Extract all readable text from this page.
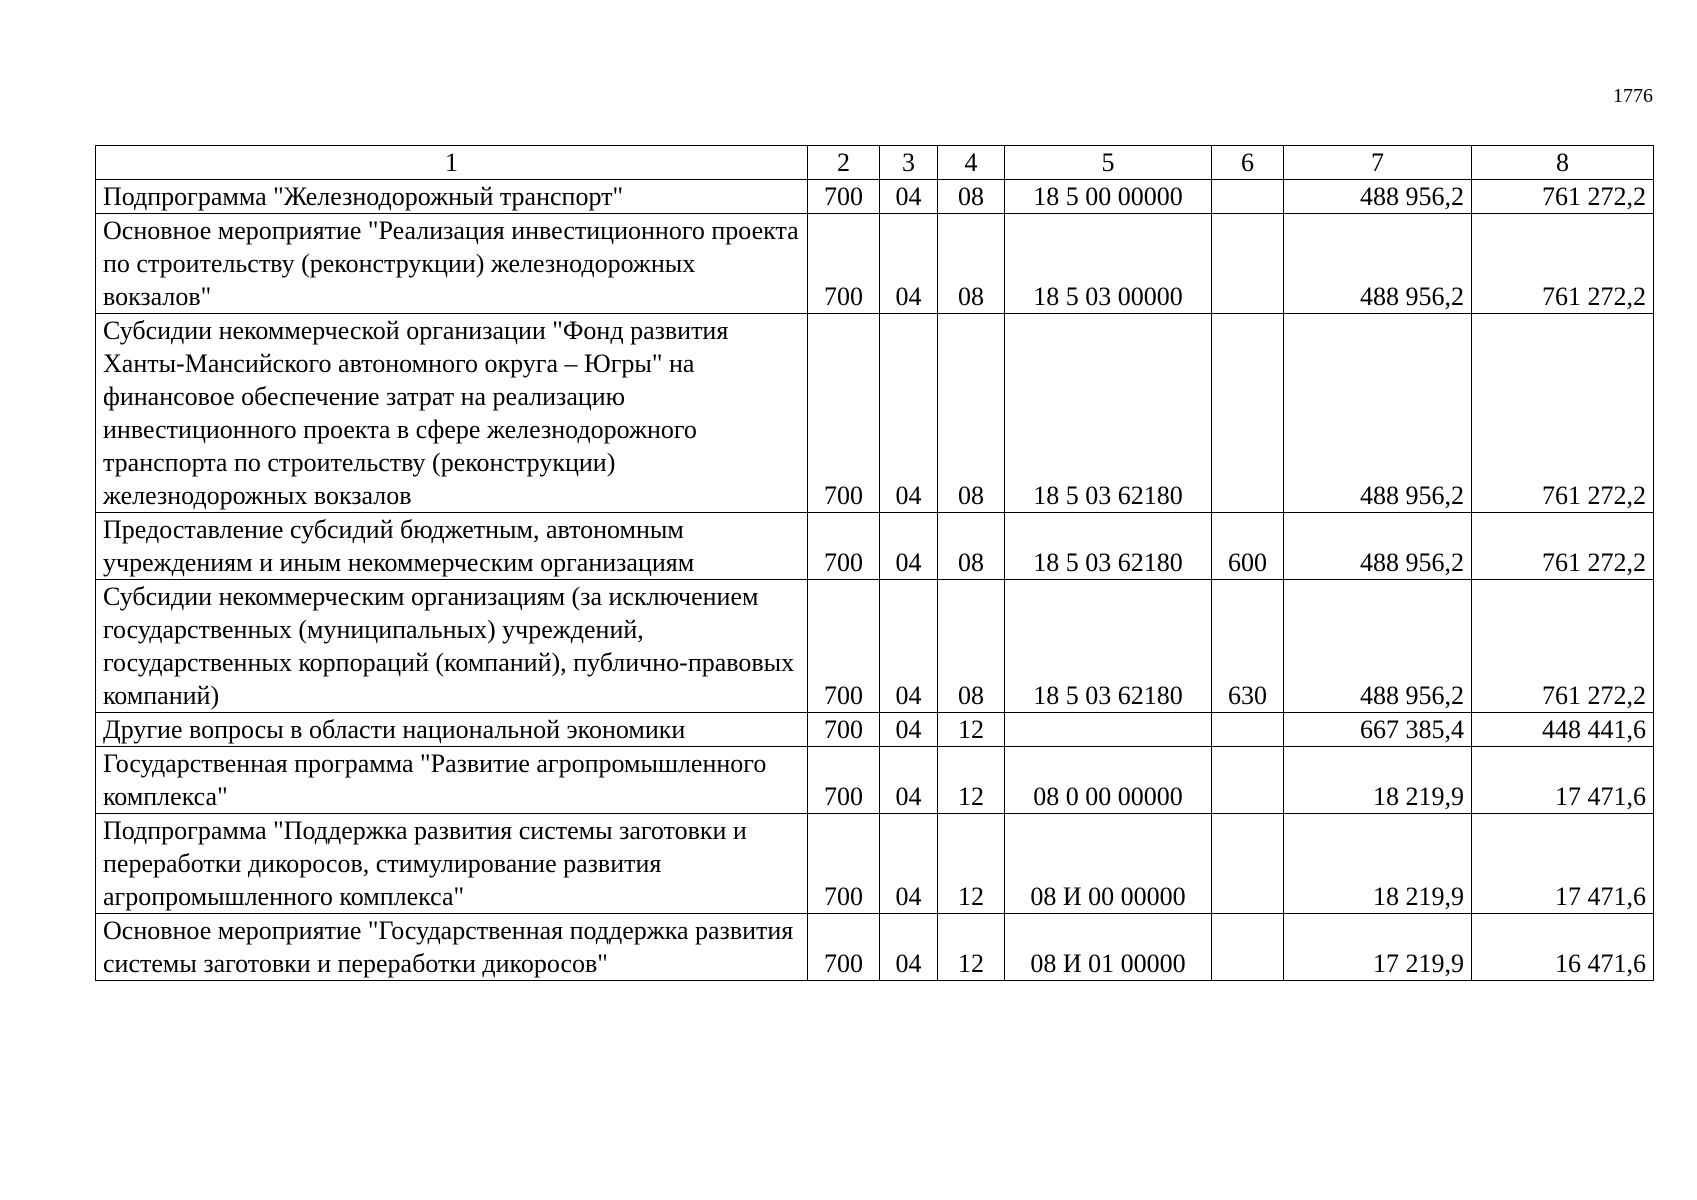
1776
1	2	3	4	5	6	7	8
Подпрограмма "Железнодорожный транспорт"	700	04	08	18 5 00 00000		488 956,2	761 272,2
Основное мероприятие "Реализация инвестиционного проекта по строительству (реконструкции) железнодорожных вокзалов"	700	04	08	18 5 03 00000		488 956,2	761 272,2
Субсидии некоммерческой организации "Фонд развития Ханты-Мансийского автономного округа – Югры" на финансовое обеспечение затрат на реализацию инвестиционного проекта в сфере железнодорожного транспорта по строительству (реконструкции) железнодорожных вокзалов	700	04	08	18 5 03 62180		488 956,2	761 272,2
Предоставление субсидий бюджетным, автономным учреждениям и иным некоммерческим организациям	700	04	08	18 5 03 62180	600	488 956,2	761 272,2
Субсидии некоммерческим организациям (за исключением государственных (муниципальных) учреждений, государственных корпораций (компаний), публично-правовых компаний)	700	04	08	18 5 03 62180	630	488 956,2	761 272,2
Другие вопросы в области национальной экономики	700	04	12			667 385,4	448 441,6
Государственная программа "Развитие агропромышленного комплекса"	700	04	12	08 0 00 00000		18 219,9	17 471,6
Подпрограмма "Поддержка развития системы заготовки и переработки дикоросов, стимулирование развития агропромышленного комплекса"	700	04	12	08 И 00 00000		18 219,9	17 471,6
Основное мероприятие "Государственная поддержка развития системы заготовки и переработки дикоросов"	700	04	12	08 И 01 00000		17 219,9	16 471,6
